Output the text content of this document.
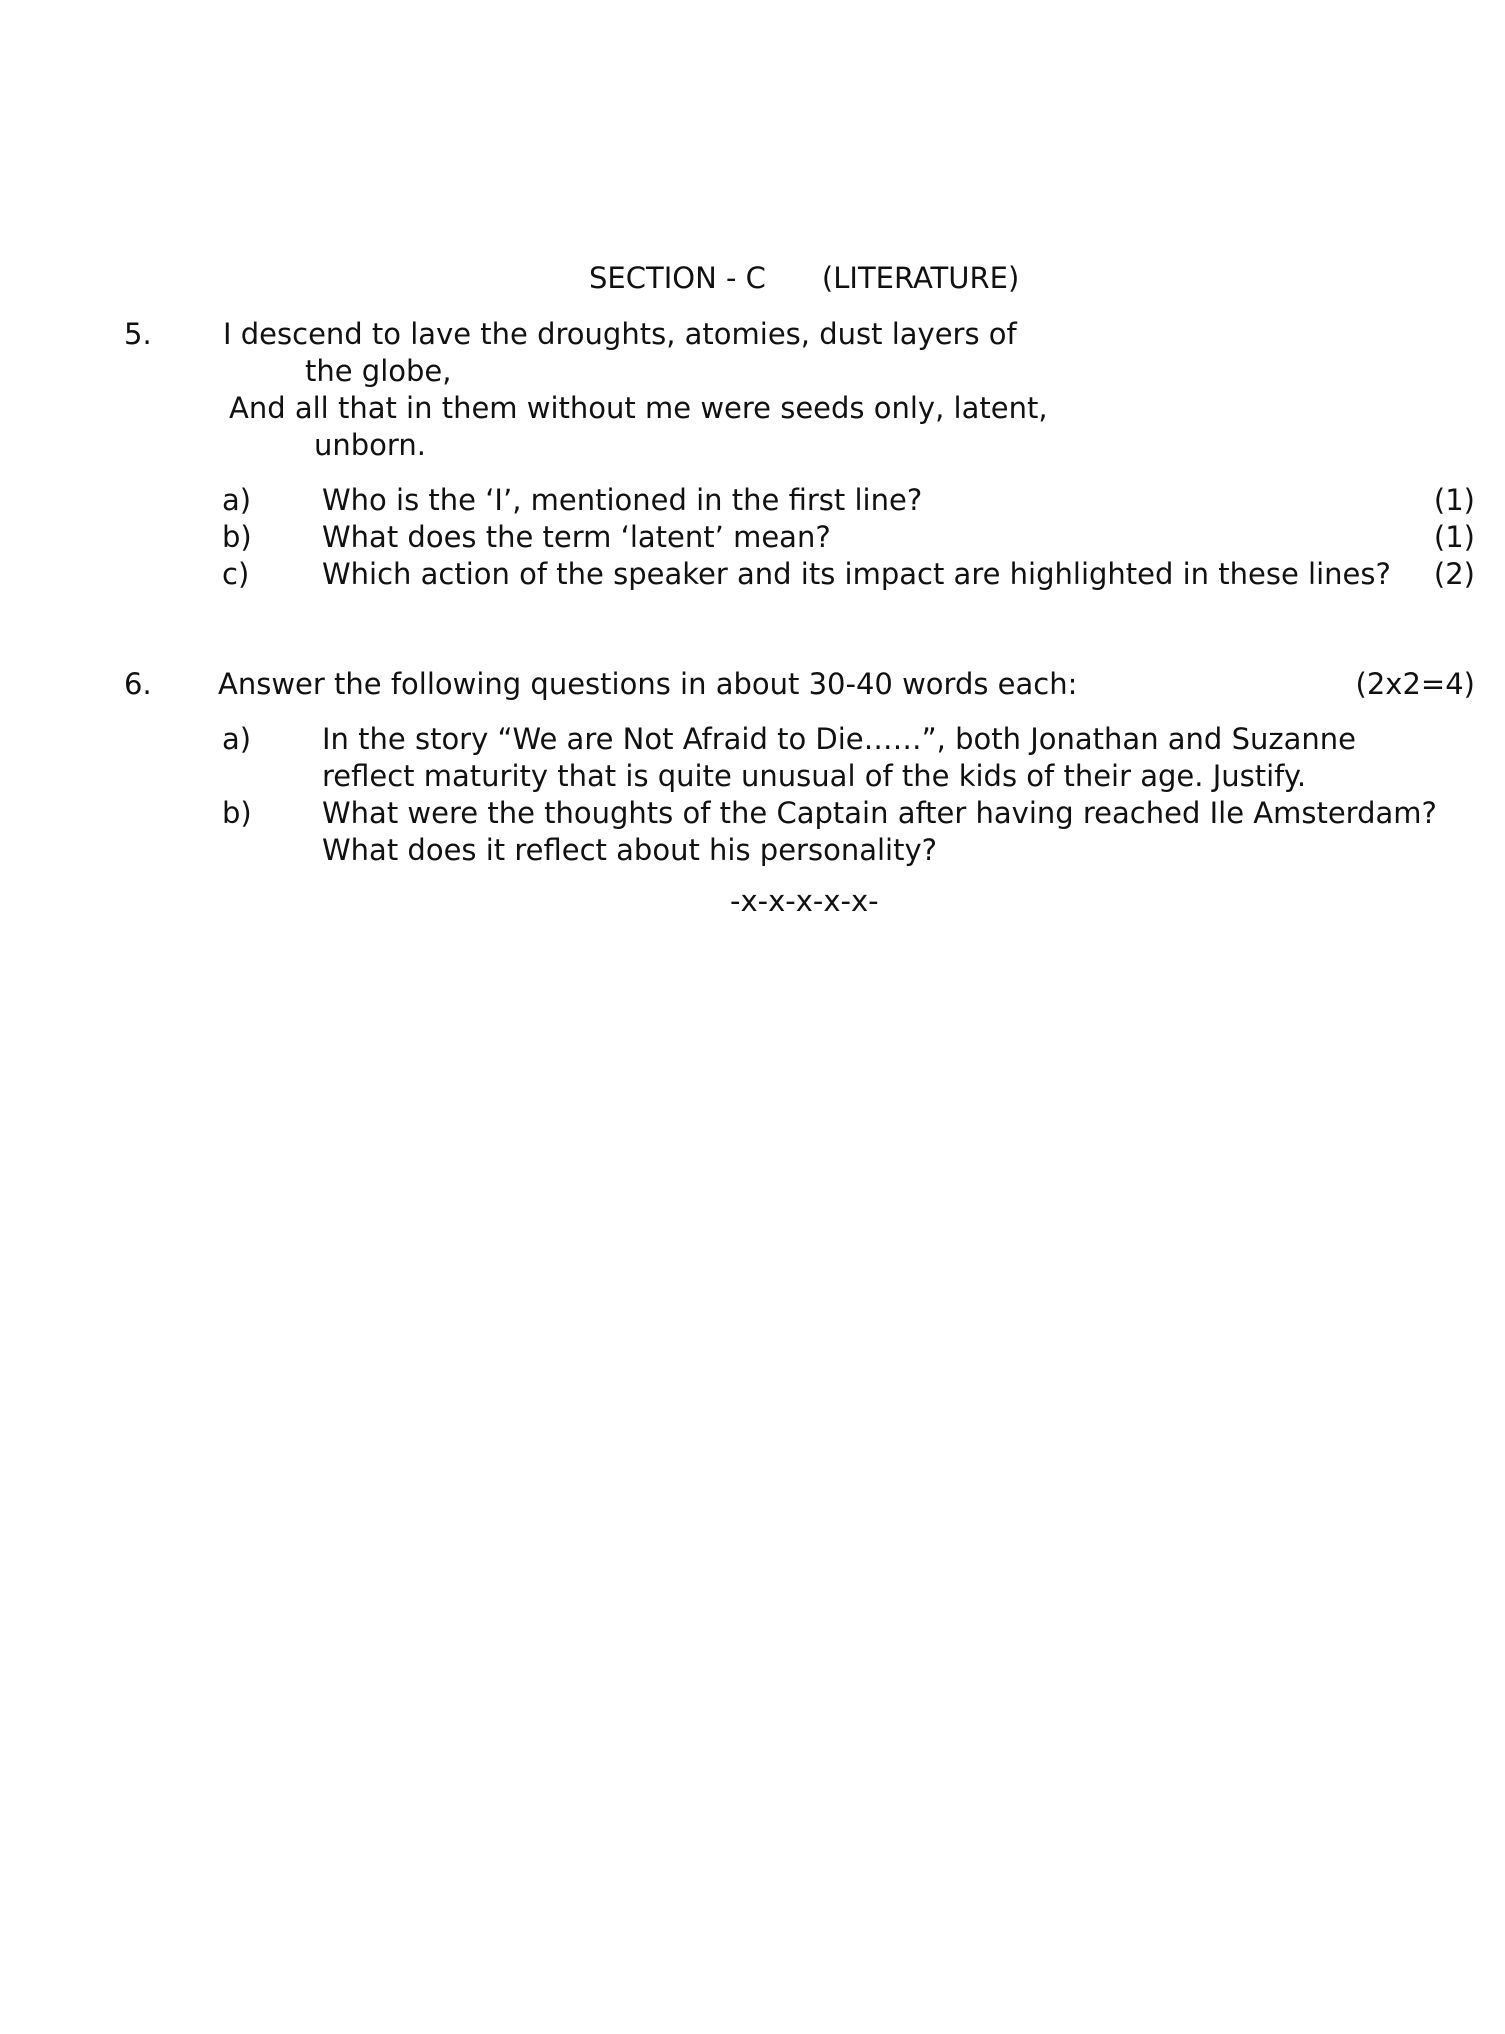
SECTION - C (LITERATURE)
5. I descend to lave the droughts, atomies, dust layers of
the globe,
And all that in them without me were seeds only, latent,
unborn.
a) Who is the ‘I’, mentioned in the first line?	(1)
b) What does the term ‘latent’ mean?	(1)
c)	Which action of the speaker and its impact are highlighted in these lines? (2)
6. Answer the following questions in about 30-40 words each:	(2x2=4)
a) In the story “We are Not Afraid to Die……”, both Jonathan and Suzanne
reflect maturity that is quite unusual of the kids of their age. Justify.
b) What were the thoughts of the Captain after having reached Ile Amsterdam?
What does it reflect about his personality?
-x-x-x-x-x-
